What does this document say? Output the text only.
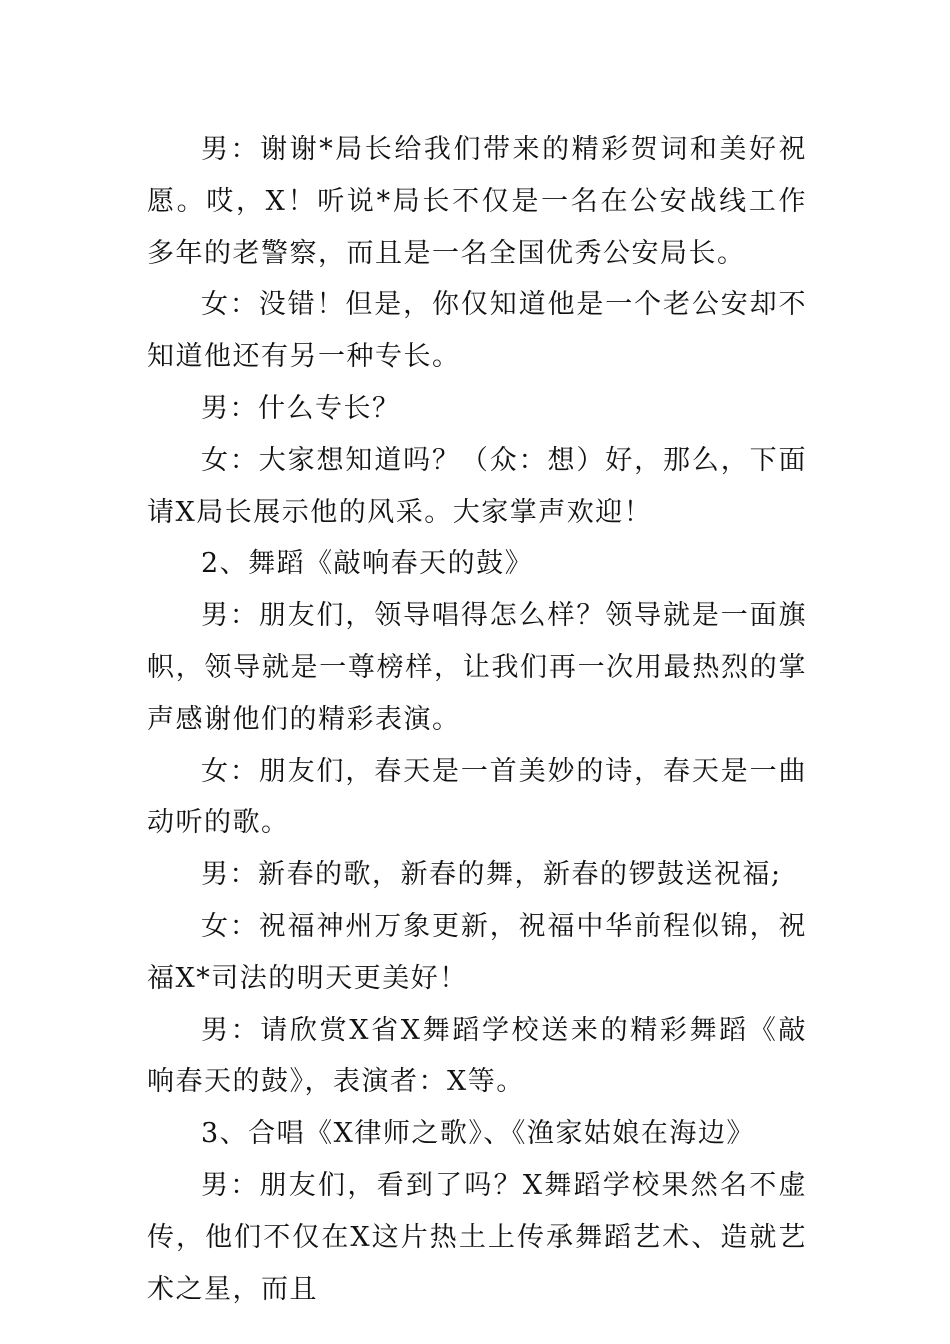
男：谢谢*局长给我们带来的精彩贺词和美好祝愿。哎，X！听说*局长不仅是一名在公安战线工作多年的老警察，而且是一名全国优秀公安局长。

女：没错！但是，你仅知道他是一个老公安却不知道他还有另一种专长。

男：什么专长？

女：大家想知道吗？（众：想）好，那么，下面请X局长展示他的风采。大家掌声欢迎！

2、舞蹈《敲响春天的鼓》

男：朋友们，领导唱得怎么样？领导就是一面旗帜，领导就是一尊榜样，让我们再一次用最热烈的掌声感谢他们的精彩表演。

女：朋友们，春天是一首美妙的诗，春天是一曲动听的歌。

男：新春的歌，新春的舞，新春的锣鼓送祝福;

女：祝福神州万象更新，祝福中华前程似锦，祝福X*司法的明天更美好！

男：请欣赏X省X舞蹈学校送来的精彩舞蹈《敲响春天的鼓》，表演者：X等。

3、合唱《X律师之歌》、《渔家姑娘在海边》

男：朋友们，看到了吗？X舞蹈学校果然名不虚传，他们不仅在X这片热土上传承舞蹈艺术、造就艺术之星，而且
